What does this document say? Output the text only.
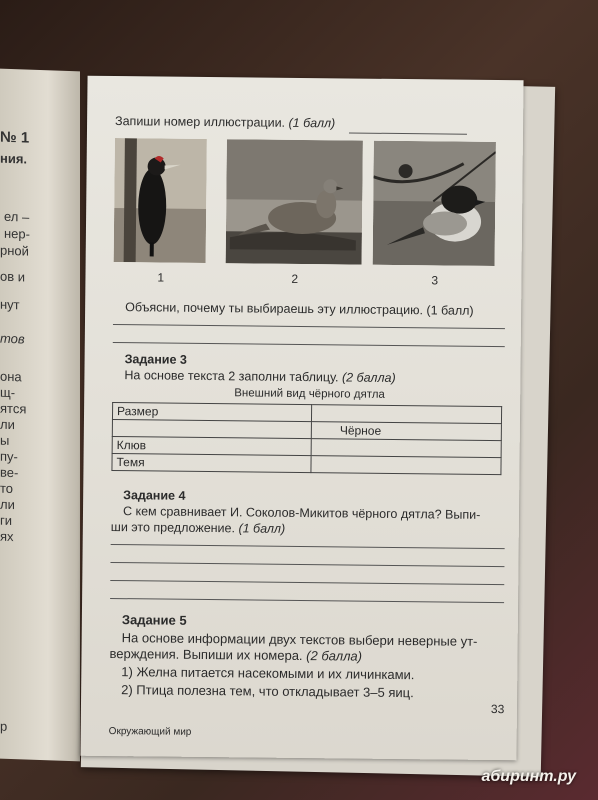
№ 1
ния.
ел –
нер-
рной
ов и
нут
тов
она
щ-
ятся
ли
ы
пу-
ве-
то
ли
ги
ях
р
Запиши номер иллюстрации. (1 балл)
1	2	3
Объясни, почему ты выбираешь эту иллюстрацию. (1 балл)
Задание 3
На основе текста 2 заполни таблицу. (2 балла)
Внешний вид чёрного дятла
Размер	
	Чёрное
Клюв	
Темя	
Задание 4
С кем сравнивает И. Соколов-Микитов чёрного дятла? Выпи-
ши это предложение. (1 балл)
Задание 5
На основе информации двух текстов выбери неверные ут-
верждения. Выпиши их номера. (2 балла)
1) Желна питается насекомыми и их личинками.
2) Птица полезна тем, что откладывает 3–5 яиц.
Окружающий мир
33
абиринт.ру
